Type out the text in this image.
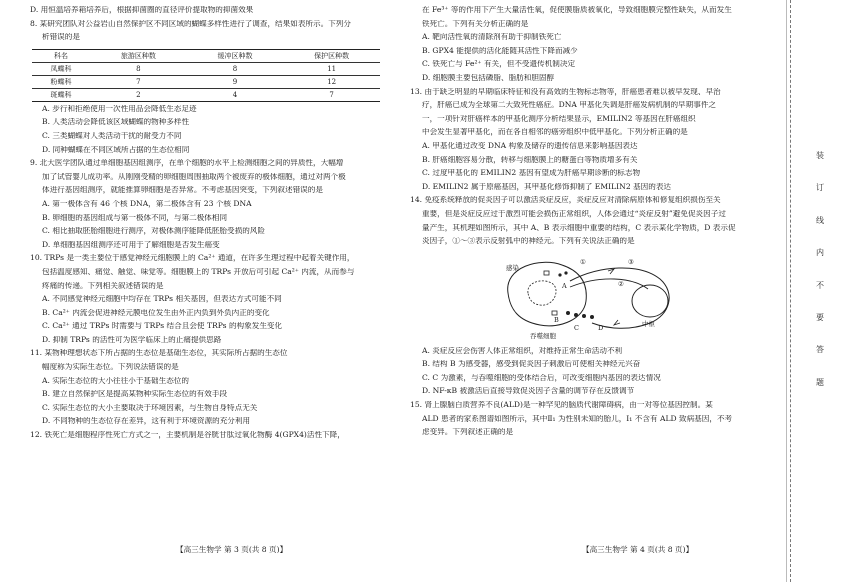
D. 用恒温培养箱培养后，根据抑菌圈的直径评价提取物的抑菌效果
8. 某研究团队对公益岩山自然保护区不同区域的蝴蝶多样性进行了调查，结果如表所示。下列分
析错误的是
科名	旅游区种数	缓冲区种数	保护区种数
凤蝶科	8	8	11
粉蝶科	7	9	12
斑蝶科	2	4	7
A. 步行和拒绝使用一次性用品会降低生态足迹
B. 人类活动会降低该区域蝴蝶的物种多样性
C. 三类蝴蝶对人类活动干扰的耐受力不同
D. 同种蝴蝶在不同区域所占据的生态位相同
9. 北大医学团队通过单细胞基因组测序，在单个细胞的水平上检测细胞之间的异质性，大幅增
加了试管婴儿成功率。从刚刚受精的卵细胞周围抽取两个被废弃的极体细胞，通过对两个极
体进行基因组测序，就能推算卵细胞是否异常。不考虑基因突变，下列叙述错误的是
A. 第一极体含有 46 个核 DNA，第二极体含有 23 个核 DNA
B. 卵细胞的基因组成与第一极体不同，与第二极体相同
C. 相比抽取胚胎细胞进行测序，对极体测序能降低胚胎受损的风险
D. 单细胞基因组测序还可用于了解细胞是否发生癌变
10. TRPs 是一类主要位于感觉神经元细胞膜上的 Ca²⁺ 通道，在许多生理过程中起着关键作用，
包括温度感知、痛觉、触觉、味觉等。细胞膜上的 TRPs 开放后可引起 Ca²⁺ 内流，从而参与
疼痛的传递。下列相关叙述错误的是
A. 不同感觉神经元细胞中均存在 TRPs 相关基因，但表达方式可能不同
B. Ca²⁺ 内流会促进神经元膜电位发生由外正内负到外负内正的变化
C. Ca²⁺ 通过 TRPs 时需要与 TRPs 结合且会使 TRPs 的构象发生变化
D. 抑制 TRPs 的活性可为医学临床上的止痛提供思路
11. 某物种理想状态下所占据的生态位是基础生态位，其实际所占据的生态位
幅度称为实际生态位。下列说法错误的是
A. 实际生态位的大小往往小于基础生态位的
B. 建立自然保护区是提高某物种实际生态位的有效手段
C. 实际生态位的大小主要取决于环境因素，与生物自身特点无关
D. 不同物种的生态位存在差异，这有利于环境资源的充分利用
12. 铁死亡是细胞程序性死亡方式之一，主要机制是谷胱甘肽过氧化物酶 4(GPX4)活性下降，
在 Fe³⁺ 等的作用下产生大量活性氧，促使膜脂质被氧化，导致细胞膜完整性缺失，从而发生
铁死亡。下列有关分析正确的是
A. 靶向活性氧的清除剂有助于抑制铁死亡
B. GPX4 能提供的活化能随其活性下降而减少
C. 铁死亡与 Fe²⁺ 有关，但不受遗传机制决定
D. 细胞膜主要包括磷脂、脂肪和胆固醇
13. 由于缺乏明显的早期临床特征和没有高效的生物标志物等，肝癌患者难以被早发现、早治
疗，肝癌已成为全球第二大致死性癌症。DNA 甲基化失调是肝癌发病机制的早期事件之
一，一项针对肝癌样本的甲基化测序分析结果显示，EMILIN2 等基因在肝癌组织
中会发生显著甲基化，而在各自相邻的癌旁组织中低甲基化。下列分析正确的是
A. 甲基化通过改变 DNA 构象及储存的遗传信息来影响基因表达
B. 肝癌细胞容易分散，转移与细胞膜上的糖蛋白等物质增多有关
C. 过度甲基化的 EMILIN2 基因有望成为肝癌早期诊断的标志物
D. EMILIN2 属于原癌基因，其甲基化修饰抑制了 EMILIN2 基因的表达
14. 免疫系统释放的促炎因子可以激活炎症反应，炎症反应对清除病原体和修复组织损伤至关
重要，但是炎症反应过于激烈可能会损伤正常组织，人体会通过“炎症反射”避免促炎因子过
量产生，其机理如图所示，其中 A、B 表示细胞中重要的结构，C 表示某化学物质，D 表示促
炎因子，①～③表示反射弧中的神经元。下列有关说法正确的是
感染
A
B
C	D
①
②
③
中枢
吞噬细胞
A. 炎症反应会伤害人体正常组织，对维持正常生命活动不利
B. 结构 B 为感受器，感受到促炎因子刺激后可使相关神经元兴奋
C. C 为激素，与吞噬细胞的受体结合后，可改变细胞内基因的表达情况
D. NF-κB 被激活后直接导致促炎因子含量的调节存在反馈调节
15. 肾上腺脑白质营养不良(ALD)是一种罕见的脑质代谢障碍病，由一对等位基因控制。某
ALD 患者的家系图谱如图所示，其中Ⅱ₁ 为性别未知的胎儿，Ⅰ₁ 不含有 ALD 致病基因，不考
虑变异。下列叙述正确的是
【高三生物学 第 3 页(共 8 页)】	【高三生物学 第 4 页(共 8 页)】
装
订
线
内
不
要
答
题
